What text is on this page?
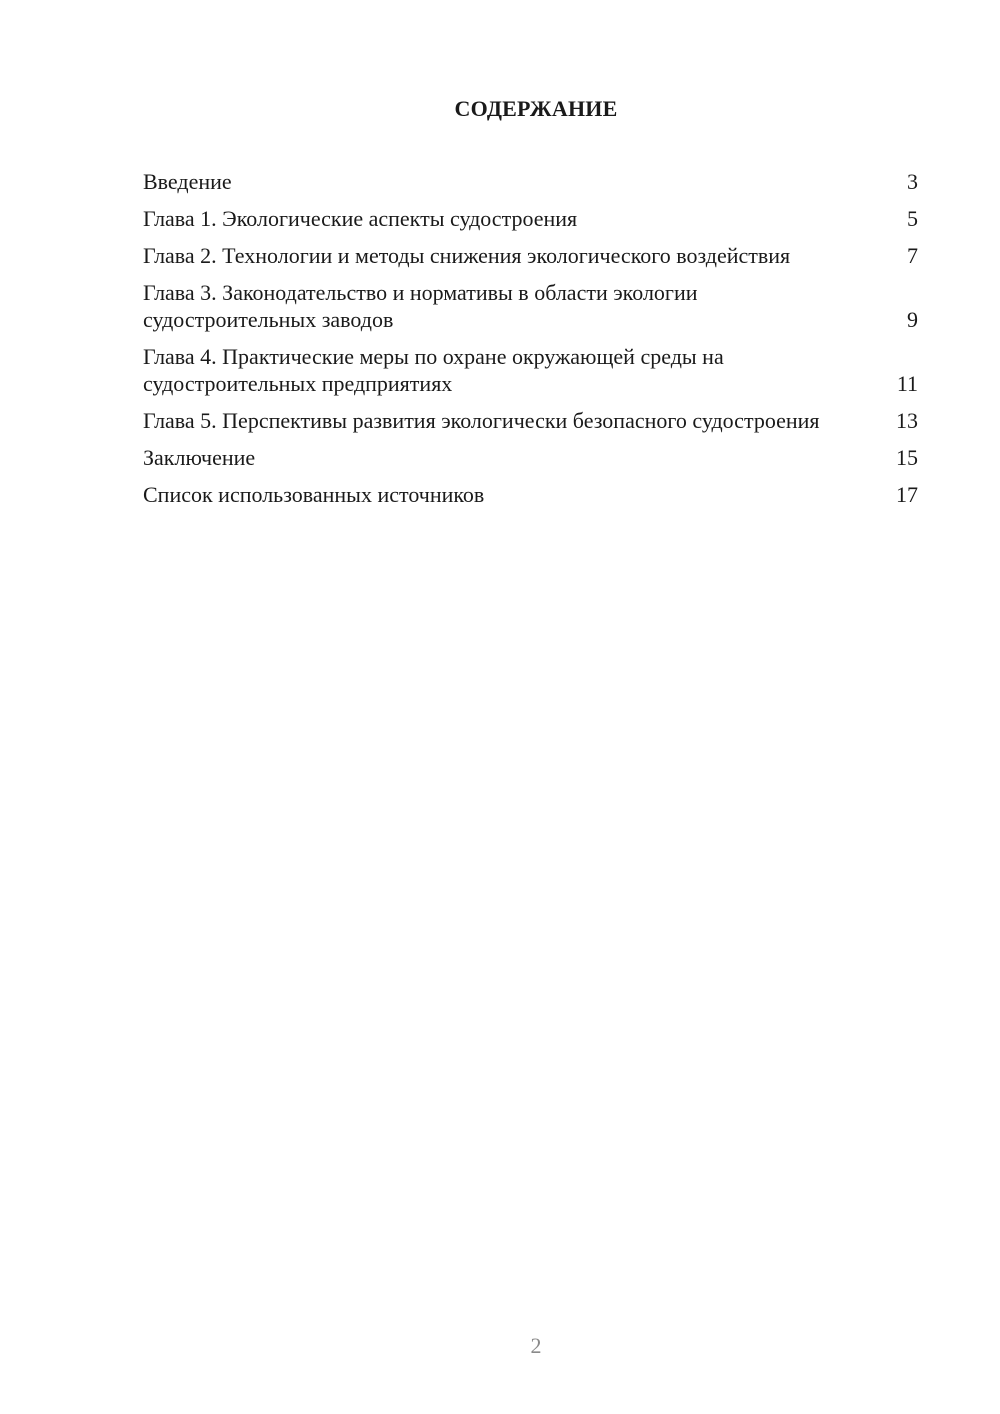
СОДЕРЖАНИЕ
Введение	3
Глава 1. Экологические аспекты судостроения	5
Глава 2. Технологии и методы снижения экологического воздействия	7
Глава 3. Законодательство и нормативы в области экологии судостроительных заводов	9
Глава 4. Практические меры по охране окружающей среды на судостроительных предприятиях	11
Глава 5. Перспективы развития экологически безопасного судостроения	13
Заключение	15
Список использованных источников	17
2
